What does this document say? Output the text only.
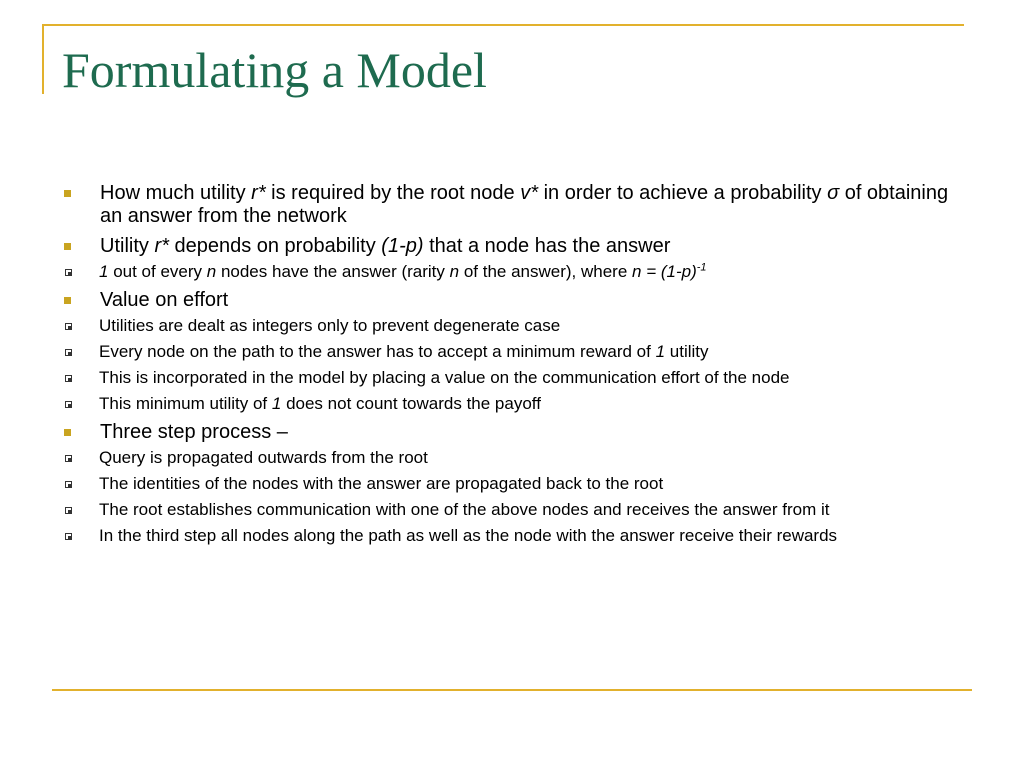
Formulating a Model
How much utility r* is required by the root node v* in order to achieve a probability σ of obtaining an answer from the network
Utility r* depends on probability (1-p) that a node has the answer
1 out of every n nodes have the answer (rarity n of the answer), where $n = (1-p)^{-1}$
Value on effort
Utilities are dealt as integers only to prevent degenerate case
Every node on the path to the answer has to accept a minimum reward of 1 utility
This is incorporated in the model by placing a value on the communication effort of the node
This minimum utility of 1 does not count towards the payoff
Three step process –
Query is propagated outwards from the root
The identities of the nodes with the answer are propagated back to the root
The root establishes communication with one of the above nodes and receives the answer from it
In the third step all nodes along the path as well as the node with the answer receive their rewards
